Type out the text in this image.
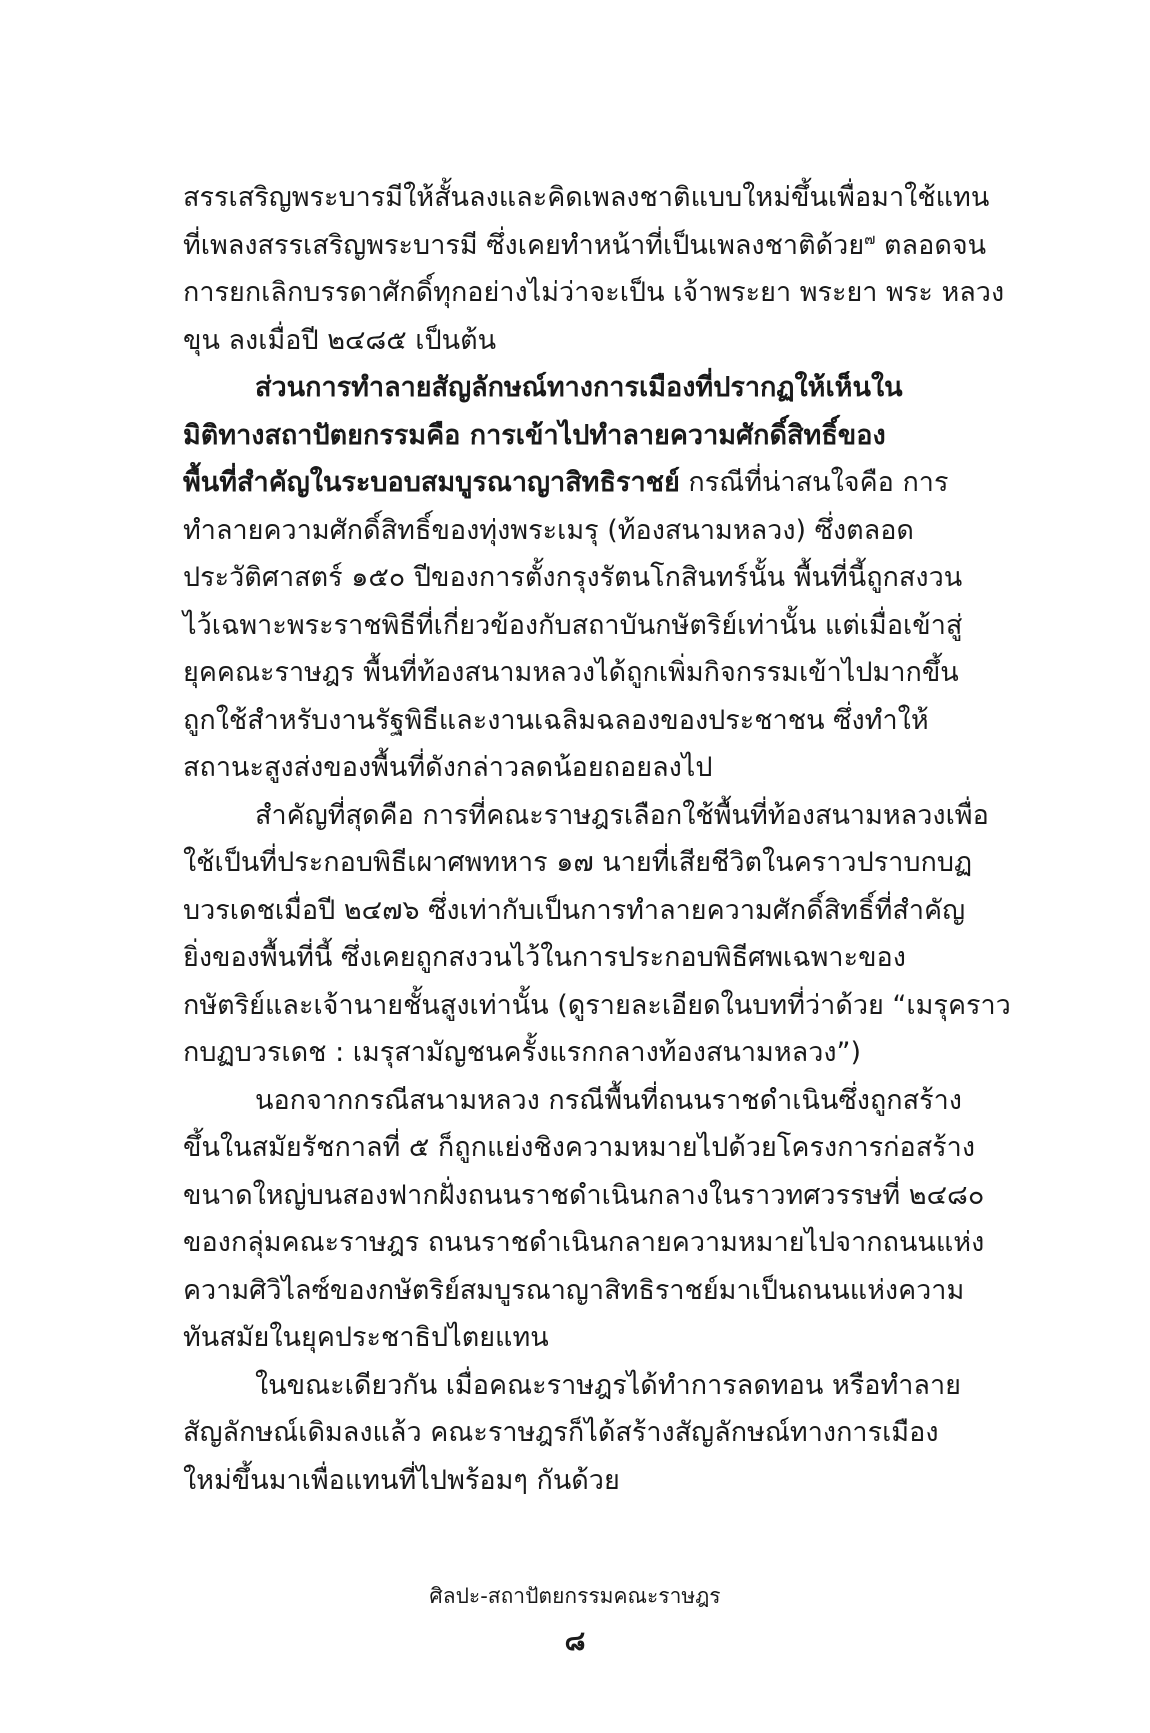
สรรเสริญพระบารมีให้สั้นลงและคิดเพลงชาติแบบใหม่ขึ้นเพื่อมาใช้แทน
ที่เพลงสรรเสริญพระบารมี ซึ่งเคยทำหน้าที่เป็นเพลงชาติด้วย$^๗$ ตลอดจน
การยกเลิกบรรดาศักดิ์ทุกอย่างไม่ว่าจะเป็น เจ้าพระยา พระยา พระ หลวง
ขุน ลงเมื่อปี ๒๔๘๕ เป็นต้น

ส่วนการทำลายสัญลักษณ์ทางการเมืองที่ปรากฏให้เห็นใน
มิติทางสถาปัตยกรรมคือ การเข้าไปทำลายความศักดิ์สิทธิ์ของ
พื้นที่สำคัญในระบอบสมบูรณาญาสิทธิราชย์ กรณีที่น่าสนใจคือ การ
ทำลายความศักดิ์สิทธิ์ของทุ่งพระเมรุ (ท้องสนามหลวง) ซึ่งตลอด
ประวัติศาสตร์ ๑๕๐ ปีของการตั้งกรุงรัตนโกสินทร์นั้น พื้นที่นี้ถูกสงวน
ไว้เฉพาะพระราชพิธีที่เกี่ยวข้องกับสถาบันกษัตริย์เท่านั้น แต่เมื่อเข้าสู่
ยุคคณะราษฎร พื้นที่ท้องสนามหลวงได้ถูกเพิ่มกิจกรรมเข้าไปมากขึ้น
ถูกใช้สำหรับงานรัฐพิธีและงานเฉลิมฉลองของประชาชน ซึ่งทำให้
สถานะสูงส่งของพื้นที่ดังกล่าวลดน้อยถอยลงไป

สำคัญที่สุดคือ การที่คณะราษฎรเลือกใช้พื้นที่ท้องสนามหลวงเพื่อ
ใช้เป็นที่ประกอบพิธีเผาศพทหาร ๑๗ นายที่เสียชีวิตในคราวปราบกบฏ
บวรเดชเมื่อปี ๒๔๗๖ ซึ่งเท่ากับเป็นการทำลายความศักดิ์สิทธิ์ที่สำคัญ
ยิ่งของพื้นที่นี้ ซึ่งเคยถูกสงวนไว้ในการประกอบพิธีศพเฉพาะของ
กษัตริย์และเจ้านายชั้นสูงเท่านั้น (ดูรายละเอียดในบทที่ว่าด้วย “เมรุคราว
กบฏบวรเดช : เมรุสามัญชนครั้งแรกกลางท้องสนามหลวง”)

นอกจากกรณีสนามหลวง กรณีพื้นที่ถนนราชดำเนินซึ่งถูกสร้าง
ขึ้นในสมัยรัชกาลที่ ๕ ก็ถูกแย่งชิงความหมายไปด้วยโครงการก่อสร้าง
ขนาดใหญ่บนสองฟากฝั่งถนนราชดำเนินกลางในราวทศวรรษที่ ๒๔๘๐
ของกลุ่มคณะราษฎร ถนนราชดำเนินกลายความหมายไปจากถนนแห่ง
ความศิวิไลซ์ของกษัตริย์สมบูรณาญาสิทธิราชย์มาเป็นถนนแห่งความ
ทันสมัยในยุคประชาธิปไตยแทน

ในขณะเดียวกัน เมื่อคณะราษฎรได้ทำการลดทอน หรือทำลาย
สัญลักษณ์เดิมลงแล้ว คณะราษฎรก็ได้สร้างสัญลักษณ์ทางการเมือง
ใหม่ขึ้นมาเพื่อแทนที่ไปพร้อมๆ กันด้วย

ศิลปะ-สถาปัตยกรรมคณะราษฎร
๘
